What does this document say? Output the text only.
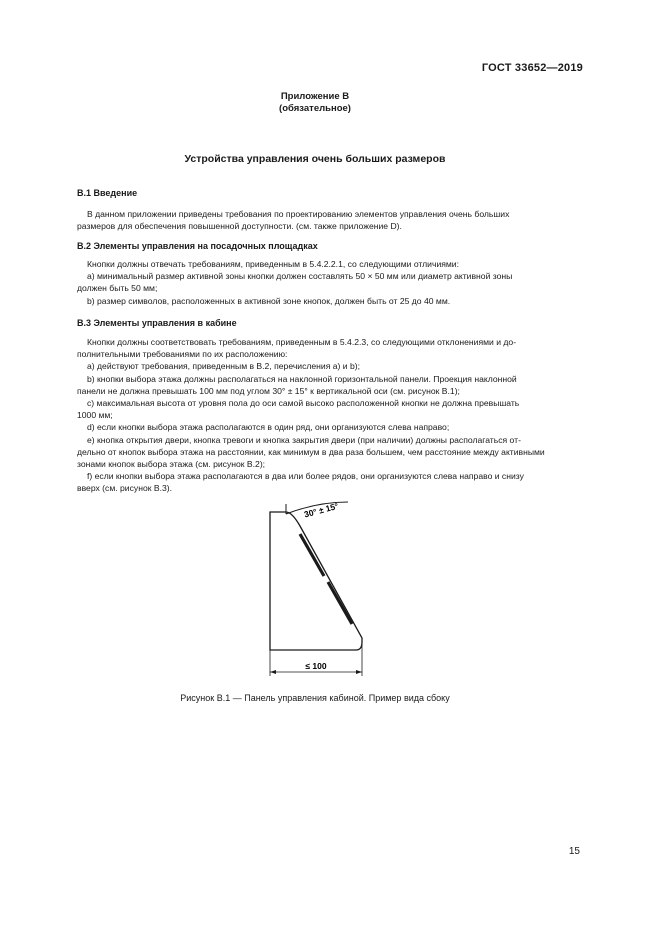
ГОСТ 33652—2019
Приложение В
(обязательное)
Устройства управления очень больших размеров
В.1 Введение
В данном приложении приведены требования по проектированию элементов управления очень больших
размеров для обеспечения повышенной доступности. (см. также приложение D).
В.2 Элементы управления на посадочных площадках
Кнопки должны отвечать требованиям, приведенным в 5.4.2.2.1, со следующими отличиями:
а) минимальный размер активной зоны кнопки должен составлять 50 × 50 мм или диаметр активной зоны
должен быть 50 мм;
b) размер символов, расположенных в активной зоне кнопок, должен быть от 25 до 40 мм.
В.3 Элементы управления в кабине
Кнопки должны соответствовать требованиям, приведенным в 5.4.2.3, со следующими отклонениями и до-
полнительными требованиями по их расположению:
а) действуют требования, приведенным в В.2, перечисления а) и b);
b) кнопки выбора этажа должны располагаться на наклонной горизонтальной панели. Проекция наклонной
панели не должна превышать 100 мм под углом 30° ± 15° к вертикальной оси (см. рисунок В.1);
c) максимальная высота от уровня пола до оси самой высоко расположенной кнопки не должна превышать
1000 мм;
d) если кнопки выбора этажа располагаются в один ряд, они организуются слева направо;
e) кнопка открытия двери, кнопка тревоги и кнопка закрытия двери (при наличии) должны располагаться от-
дельно от кнопок выбора этажа на расстоянии, как минимум в два раза большем, чем расстояние между активными
зонами кнопок выбора этажа (см. рисунок В.2);
f) если кнопки выбора этажа располагаются в два или более рядов, они организуются слева направо и снизу
вверх (см. рисунок В.3).
30° ± 15°
≤ 100
Рисунок В.1 — Панель управления кабиной. Пример вида сбоку
15
